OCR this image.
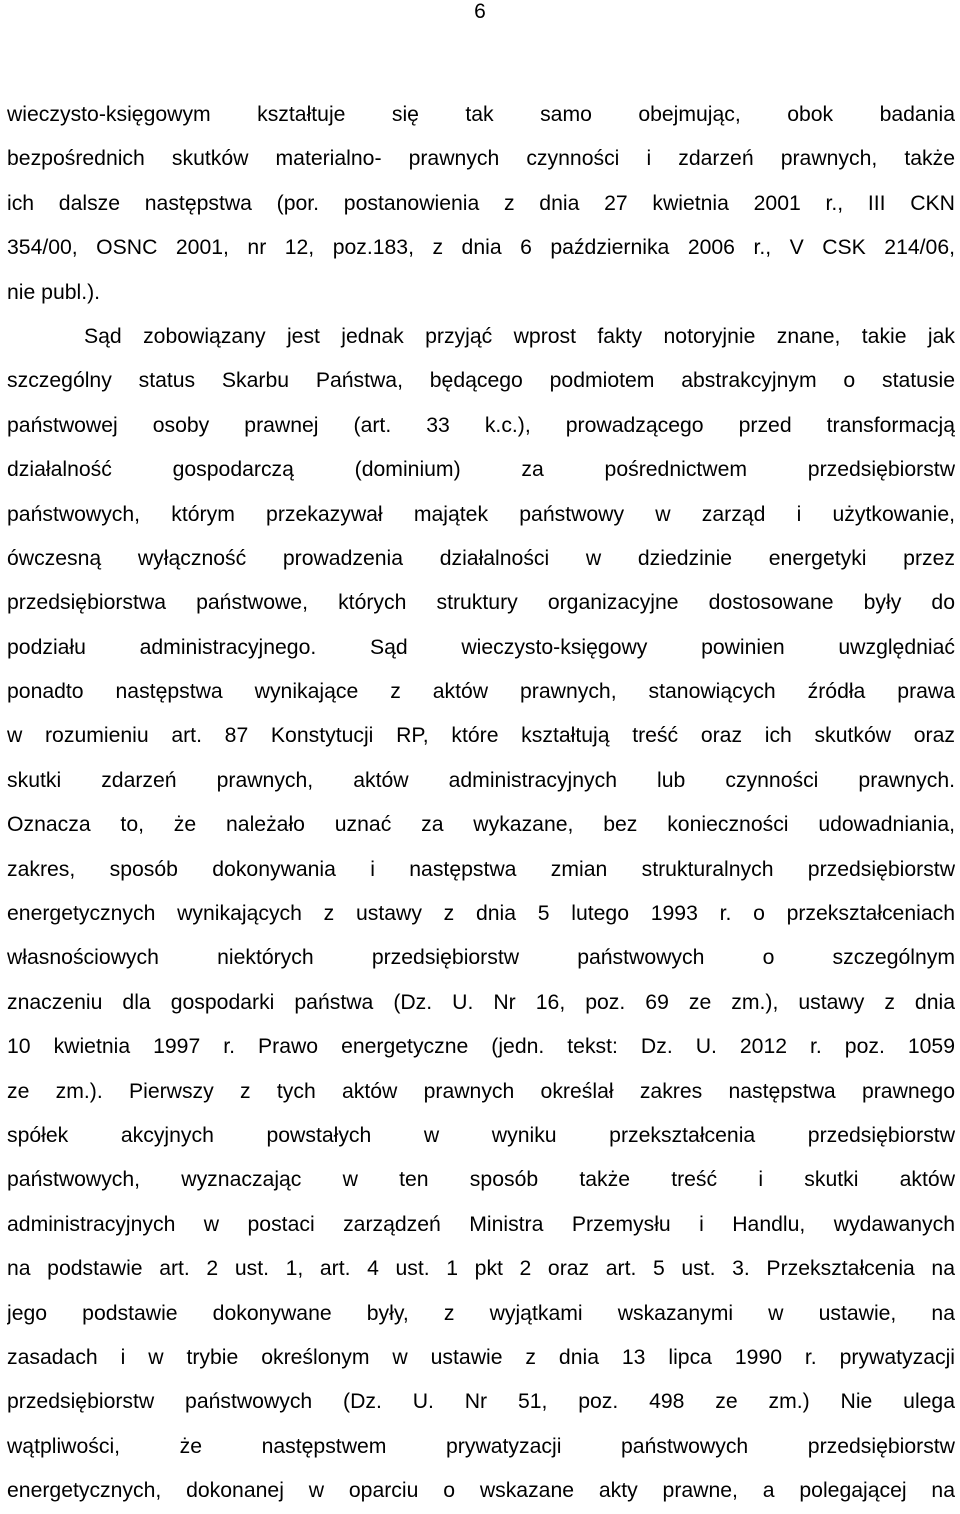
6
wieczysto-księgowym kształtuje się tak samo obejmując, obok badania
bezpośrednich skutków materialno- prawnych czynności i zdarzeń prawnych, także
ich dalsze następstwa (por. postanowienia z dnia 27 kwietnia 2001 r., III CKN
354/00, OSNC 2001, nr 12, poz.183, z dnia 6 października 2006 r., V CSK 214/06,
nie publ.).
Sąd zobowiązany jest jednak przyjąć wprost fakty notoryjnie znane, takie jak
szczególny status Skarbu Państwa, będącego podmiotem abstrakcyjnym o statusie
państwowej osoby prawnej (art. 33 k.c.), prowadzącego przed transformacją
działalność gospodarczą (dominium) za pośrednictwem przedsiębiorstw
państwowych, którym przekazywał majątek państwowy w zarząd i użytkowanie,
ówczesną wyłączność prowadzenia działalności w dziedzinie energetyki przez
przedsiębiorstwa państwowe, których struktury organizacyjne dostosowane były do
podziału administracyjnego. Sąd wieczysto-księgowy powinien uwzględniać
ponadto następstwa wynikające z aktów prawnych, stanowiących źródła prawa
w rozumieniu art. 87 Konstytucji RP, które kształtują treść oraz ich skutków oraz
skutki zdarzeń prawnych, aktów administracyjnych lub czynności prawnych.
Oznacza to, że należało uznać za wykazane, bez konieczności udowadniania,
zakres, sposób dokonywania i następstwa zmian strukturalnych przedsiębiorstw
energetycznych wynikających z ustawy z dnia 5 lutego 1993 r. o przekształceniach
własnościowych niektórych przedsiębiorstw państwowych o szczególnym
znaczeniu dla gospodarki państwa (Dz. U. Nr 16, poz. 69 ze zm.), ustawy z dnia
10 kwietnia 1997 r. Prawo energetyczne (jedn. tekst: Dz. U. 2012 r. poz. 1059
ze zm.). Pierwszy z tych aktów prawnych określał zakres następstwa prawnego
spółek akcyjnych powstałych w wyniku przekształcenia przedsiębiorstw
państwowych, wyznaczając w ten sposób także treść i skutki aktów
administracyjnych w postaci zarządzeń Ministra Przemysłu i Handlu, wydawanych
na podstawie art. 2 ust. 1, art. 4 ust. 1 pkt 2 oraz art. 5 ust. 3. Przekształcenia na
jego podstawie dokonywane były, z wyjątkami wskazanymi w ustawie, na
zasadach i w trybie określonym w ustawie z dnia 13 lipca 1990 r. prywatyzacji
przedsiębiorstw państwowych (Dz. U. Nr 51, poz. 498 ze zm.) Nie ulega
wątpliwości, że następstwem prywatyzacji państwowych przedsiębiorstw
energetycznych, dokonanej w oparciu o wskazane akty prawne, a polegającej na
